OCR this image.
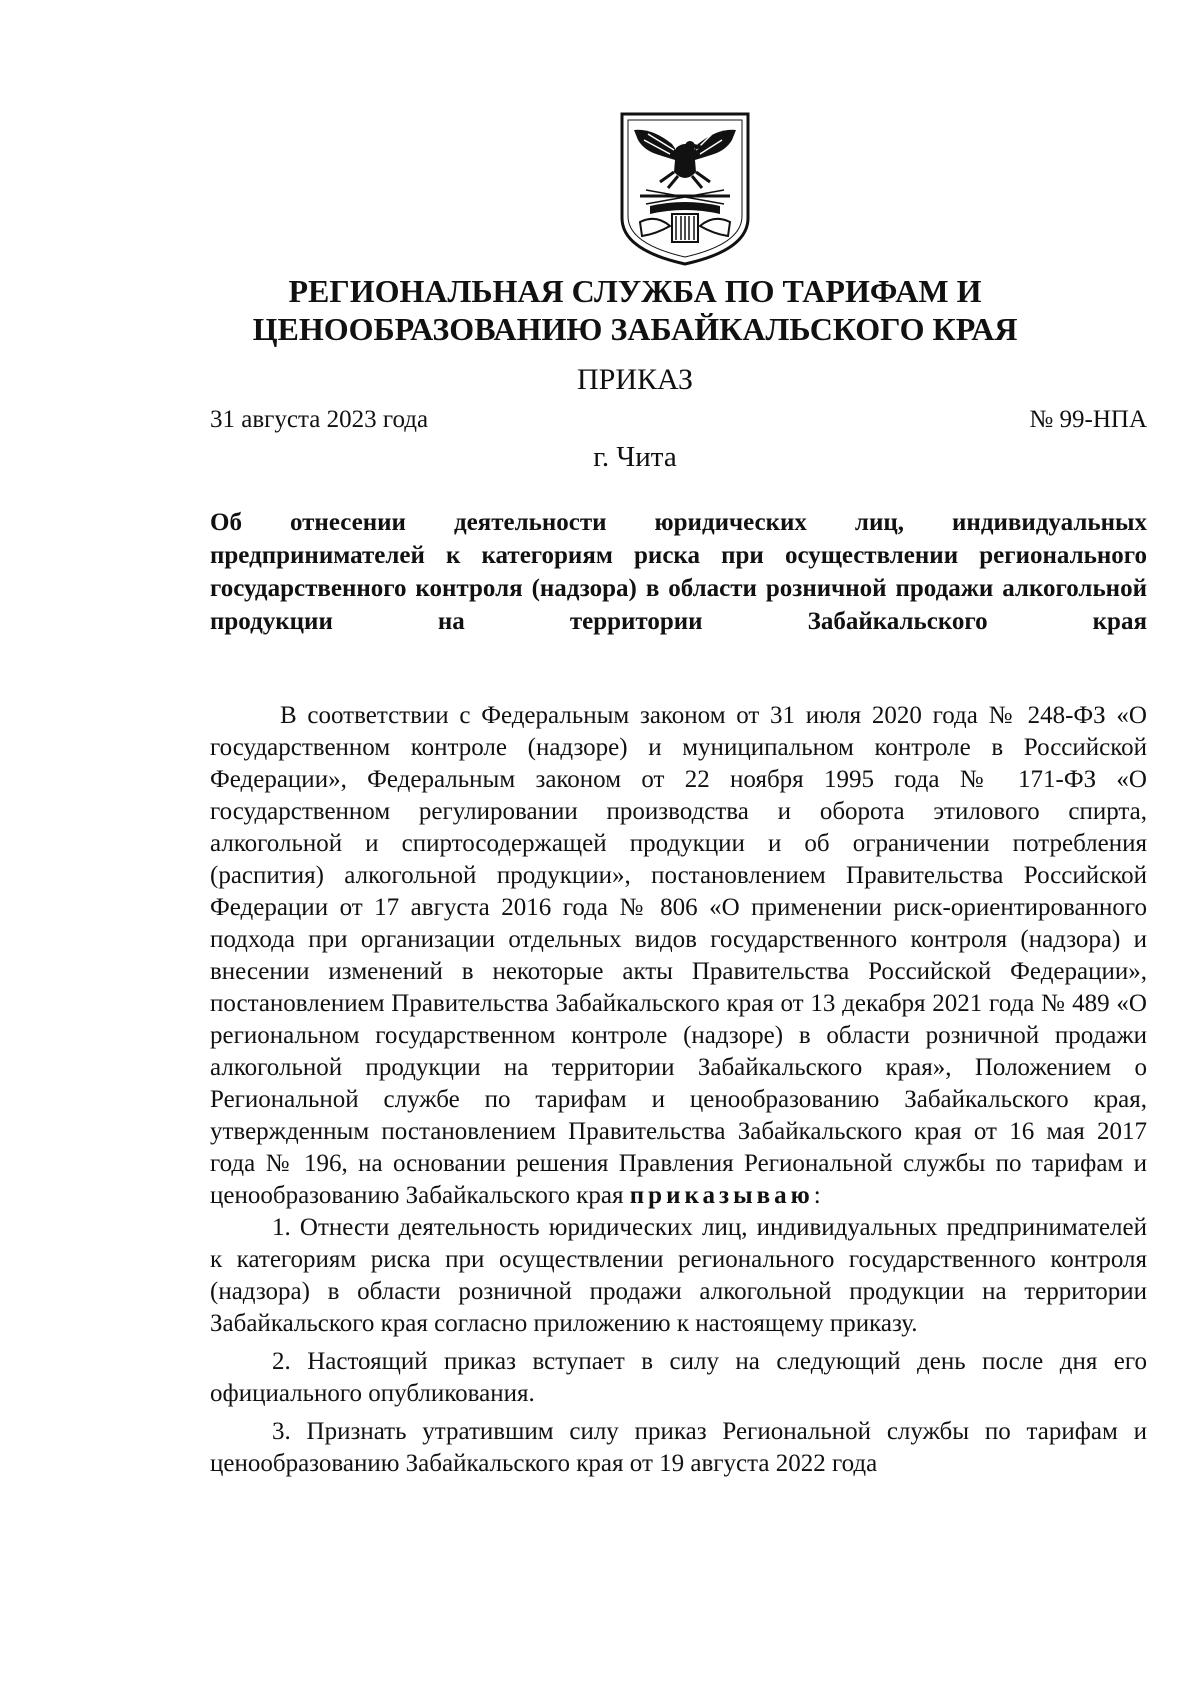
РЕГИОНАЛЬНАЯ СЛУЖБА ПО ТАРИФАМ И
ЦЕНООБРАЗОВАНИЮ ЗАБАЙКАЛЬСКОГО КРАЯ
ПРИКАЗ
31 августа 2023 года	№ 99-НПА
г. Чита
Об отнесении деятельности юридических лиц, индивидуальных предпринимателей к категориям риска при осуществлении регионального государственного контроля (надзора) в области розничной продажи алкогольной продукции на территории Забайкальского края

В соответствии с Федеральным законом от 31 июля 2020 года № 248-ФЗ «О государственном контроле (надзоре) и муниципальном контроле в Российской Федерации», Федеральным законом от 22 ноября 1995 года № 171-ФЗ «О государственном регулировании производства и оборота этилового спирта, алкогольной и спиртосодержащей продукции и об ограничении потребления (распития) алкогольной продукции», постановлением Правительства Российской Федерации от 17 августа 2016 года № 806 «О применении риск-ориентированного подхода при организации отдельных видов государственного контроля (надзора) и внесении изменений в некоторые акты Правительства Российской Федерации», постановлением Правительства Забайкальского края от 13 декабря 2021 года № 489 «О региональном государственном контроле (надзоре) в области розничной продажи алкогольной продукции на территории Забайкальского края», Положением о Региональной службе по тарифам и ценообразованию Забайкальского края, утвержденным постановлением Правительства Забайкальского края от 16 мая 2017 года № 196, на основании решения Правления Региональной службы по тарифам и ценообразованию Забайкальского края приказываю:

1. Отнести деятельность юридических лиц, индивидуальных предпринимателей к категориям риска при осуществлении регионального государственного контроля (надзора) в области розничной продажи алкогольной продукции на территории Забайкальского края согласно приложению к настоящему приказу.

2. Настоящий приказ вступает в силу на следующий день после дня его официального опубликования.

3. Признать утратившим силу приказ Региональной службы по тарифам и ценообразованию Забайкальского края от 19 августа 2022 года
